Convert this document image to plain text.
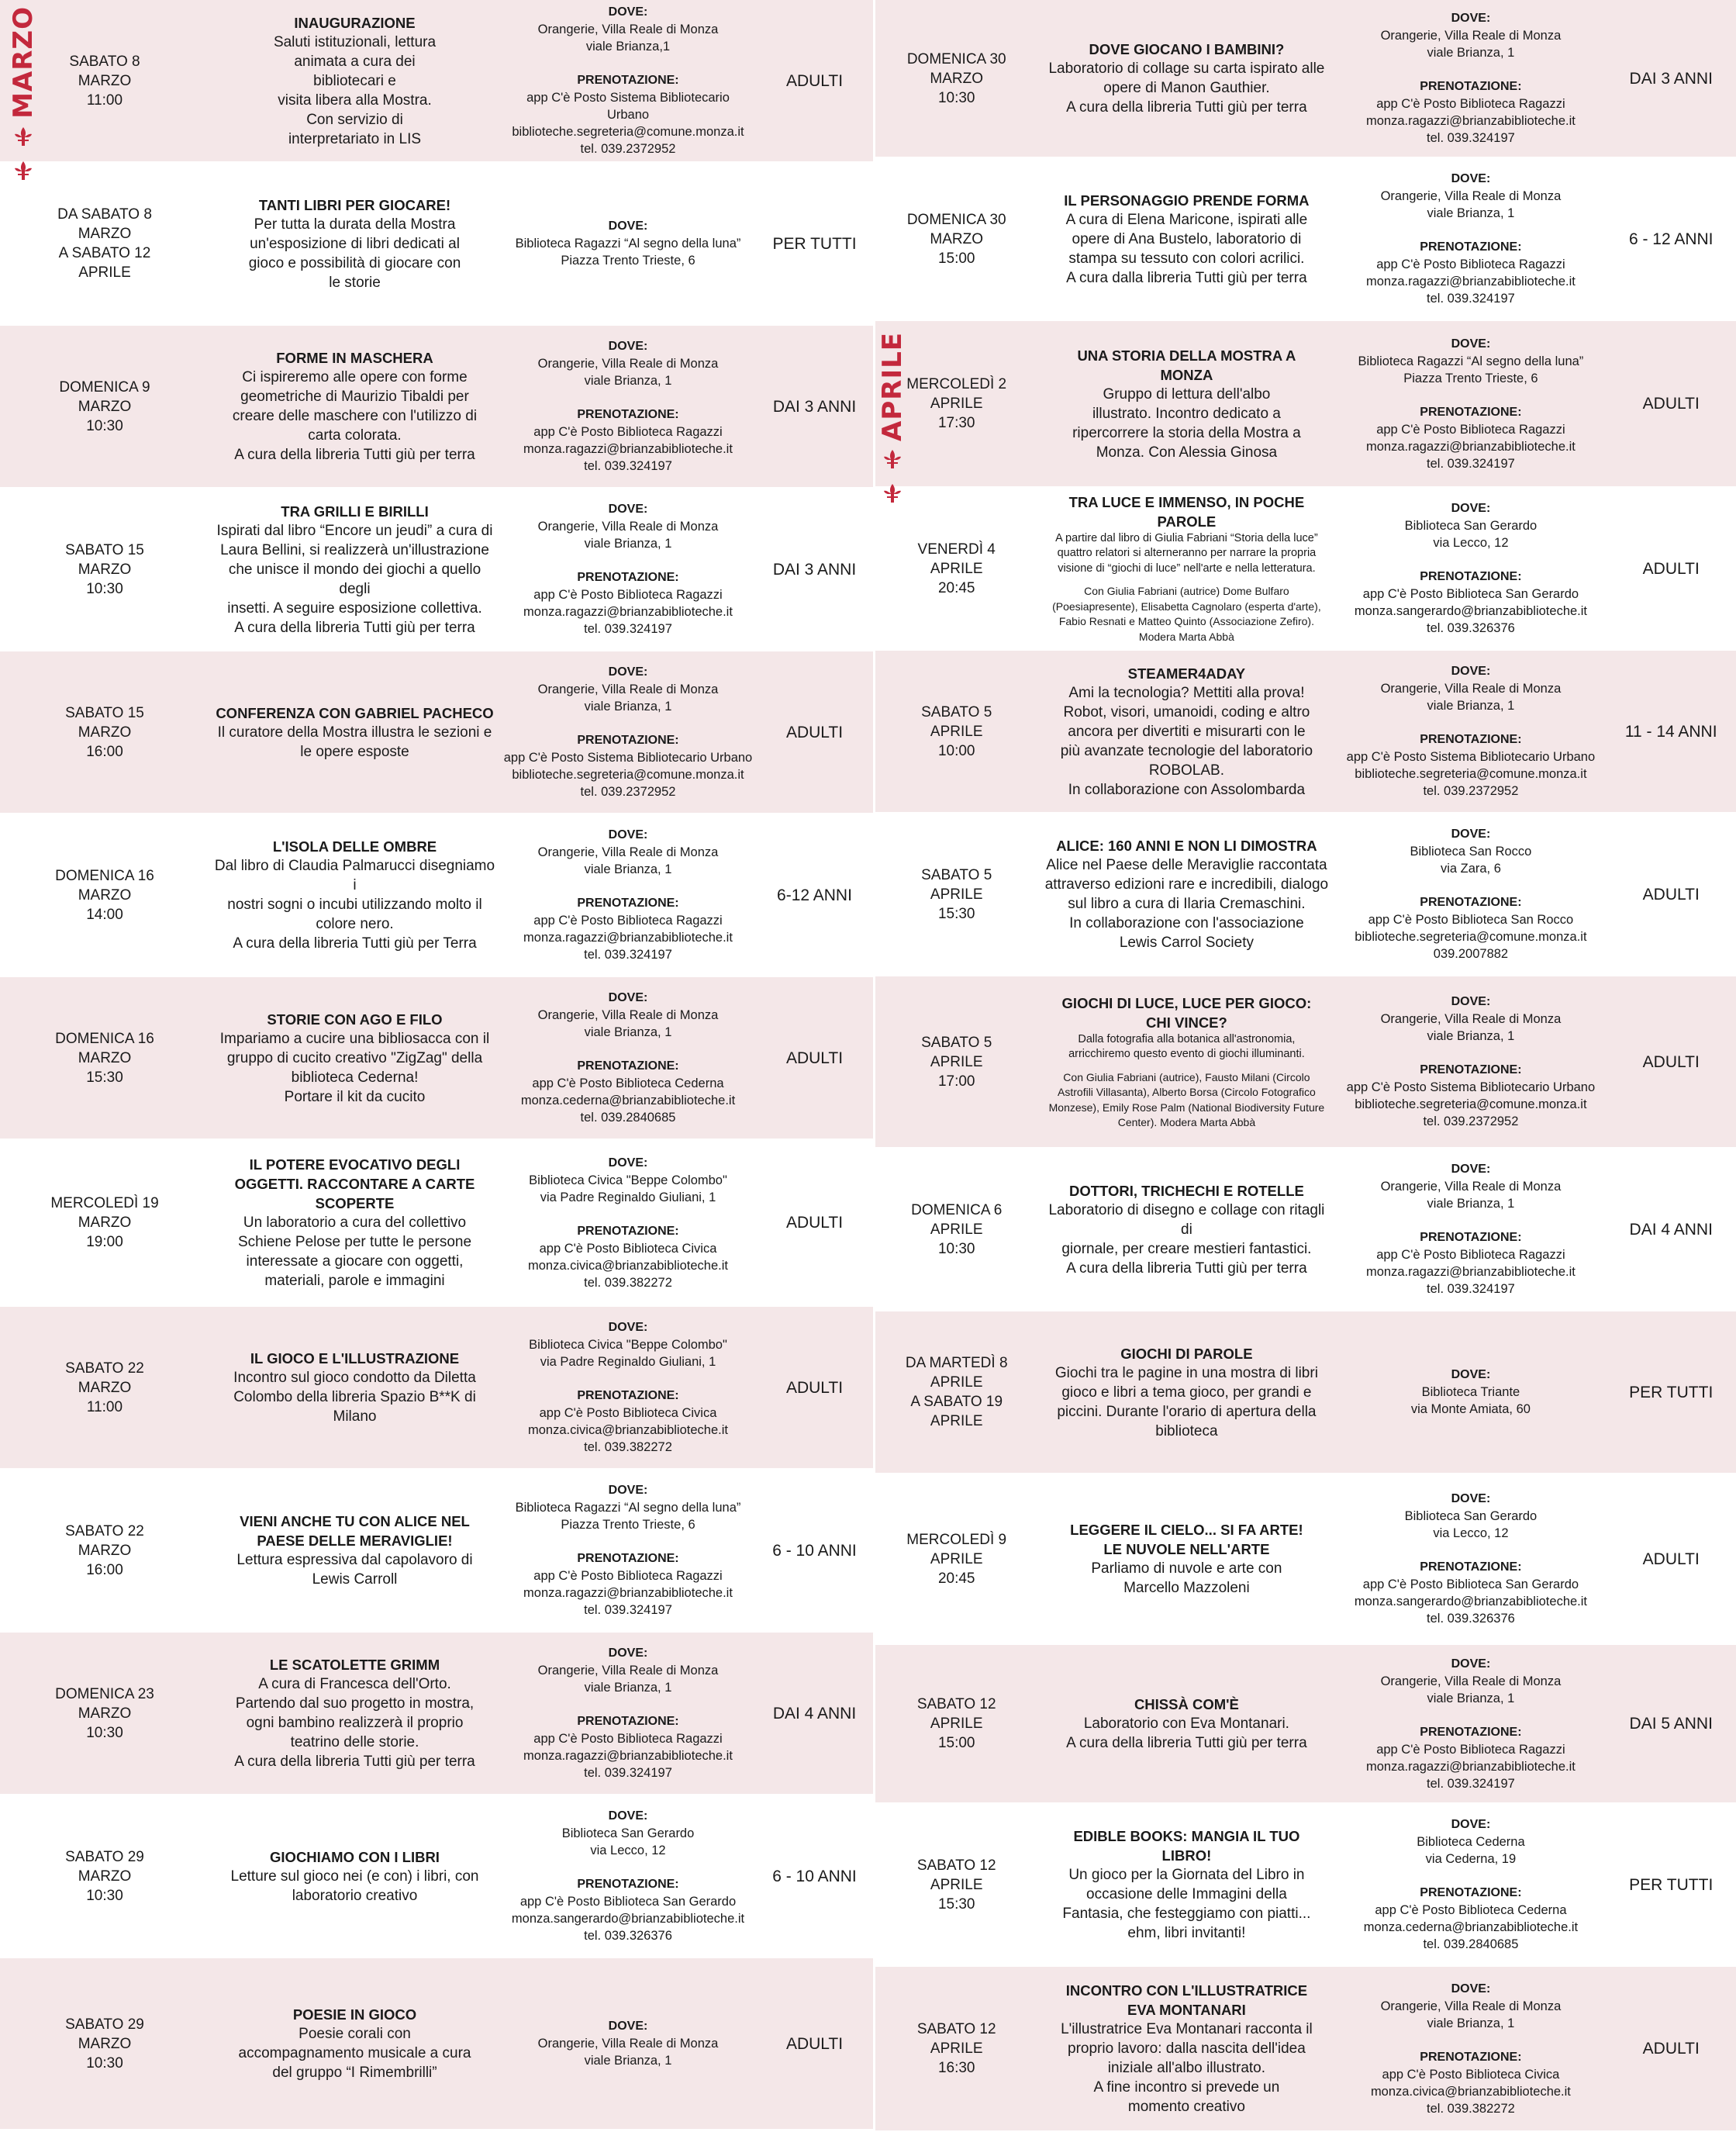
SABATO 8
MARZO
11:00
INAUGURAZIONE
Saluti istituzionali, lettura
animata a cura dei
bibliotecari e
visita libera alla Mostra.
Con servizio di
interpretariato in LIS
DOVE:
Orangerie, Villa Reale di Monza
viale Brianza,1
PRENOTAZIONE:
app C'è Posto Sistema Bibliotecario
Urbano
biblioteche.segreteria@comune.monza.it
tel. 039.2372952
ADULTI
DA SABATO 8
MARZO
A SABATO 12
APRILE
TANTI LIBRI PER GIOCARE!
Per tutta la durata della Mostra
un'esposizione di libri dedicati al
gioco e possibilità di giocare con
le storie
DOVE:
Biblioteca Ragazzi “Al segno della luna”
Piazza Trento Trieste, 6
PER TUTTI
DOMENICA 9
MARZO
10:30
FORME IN MASCHERA
Ci ispireremo alle opere con forme
geometriche di Maurizio Tibaldi per
creare delle maschere con l'utilizzo di
carta colorata.
A cura della libreria Tutti giù per terra
DOVE:
Orangerie, Villa Reale di Monza
viale Brianza, 1
PRENOTAZIONE:
app C'è Posto Biblioteca Ragazzi
monza.ragazzi@brianzabiblioteche.it
tel. 039.324197
DAI 3 ANNI
SABATO 15
MARZO
10:30
TRA GRILLI E BIRILLI
Ispirati dal libro “Encore un jeudi” a cura di
Laura Bellini, si realizzerà un'illustrazione
che unisce il mondo dei giochi a quello degli
insetti. A seguire esposizione collettiva.
A cura della libreria Tutti giù per terra
DOVE:
Orangerie, Villa Reale di Monza
viale Brianza, 1
PRENOTAZIONE:
app C'è Posto Biblioteca Ragazzi
monza.ragazzi@brianzabiblioteche.it
tel. 039.324197
DAI 3 ANNI
SABATO 15
MARZO
16:00
CONFERENZA CON GABRIEL PACHECO
Il curatore della Mostra illustra le sezioni e
le opere esposte
DOVE:
Orangerie, Villa Reale di Monza
viale Brianza, 1
PRENOTAZIONE:
app C'è Posto Sistema Bibliotecario Urbano
biblioteche.segreteria@comune.monza.it
tel. 039.2372952
ADULTI
DOMENICA 16
MARZO
14:00
L'ISOLA DELLE OMBRE
Dal libro di Claudia Palmarucci disegniamo i
nostri sogni o incubi utilizzando molto il
colore nero.
A cura della libreria Tutti giù per Terra
DOVE:
Orangerie, Villa Reale di Monza
viale Brianza, 1
PRENOTAZIONE:
app C'è Posto Biblioteca Ragazzi
monza.ragazzi@brianzabiblioteche.it
tel. 039.324197
6-12 ANNI
DOMENICA 16
MARZO
15:30
STORIE CON AGO E FILO
Impariamo a cucire una bibliosacca con il
gruppo di cucito creativo "ZigZag" della
biblioteca Cederna!
Portare il kit da cucito
DOVE:
Orangerie, Villa Reale di Monza
viale Brianza, 1
PRENOTAZIONE:
app C'è Posto Biblioteca Cederna
monza.cederna@brianzabiblioteche.it
tel. 039.2840685
ADULTI
MERCOLEDÌ 19
MARZO
19:00
IL POTERE EVOCATIVO DEGLI
OGGETTI. RACCONTARE A CARTE
SCOPERTE
Un laboratorio a cura del collettivo
Schiene Pelose per tutte le persone
interessate a giocare con oggetti,
materiali, parole e immagini
DOVE:
Biblioteca Civica "Beppe Colombo"
via Padre Reginaldo Giuliani, 1
PRENOTAZIONE:
app C'è Posto Biblioteca Civica
monza.civica@brianzabiblioteche.it
tel. 039.382272
ADULTI
SABATO 22
MARZO
11:00
IL GIOCO E L'ILLUSTRAZIONE
Incontro sul gioco condotto da Diletta
Colombo della libreria Spazio B**K di
Milano
DOVE:
Biblioteca Civica "Beppe Colombo"
via Padre Reginaldo Giuliani, 1
PRENOTAZIONE:
app C'è Posto Biblioteca Civica
monza.civica@brianzabiblioteche.it
tel. 039.382272
ADULTI
SABATO 22
MARZO
16:00
VIENI ANCHE TU CON ALICE NEL
PAESE DELLE MERAVIGLIE!
Lettura espressiva dal capolavoro di
Lewis Carroll
DOVE:
Biblioteca Ragazzi “Al segno della luna”
Piazza Trento Trieste, 6
PRENOTAZIONE:
app C'è Posto Biblioteca Ragazzi
monza.ragazzi@brianzabiblioteche.it
tel. 039.324197
6 - 10 ANNI
DOMENICA 23
MARZO
10:30
LE SCATOLETTE GRIMM
A cura di Francesca dell'Orto.
Partendo dal suo progetto in mostra,
ogni bambino realizzerà il proprio
teatrino delle storie.
A cura della libreria Tutti giù per terra
DOVE:
Orangerie, Villa Reale di Monza
viale Brianza, 1
PRENOTAZIONE:
app C'è Posto Biblioteca Ragazzi
monza.ragazzi@brianzabiblioteche.it
tel. 039.324197
DAI 4 ANNI
SABATO 29
MARZO
10:30
GIOCHIAMO CON I LIBRI
Letture sul gioco nei (e con) i libri, con
laboratorio creativo
DOVE:
Biblioteca San Gerardo
via Lecco, 12
PRENOTAZIONE:
app C'è Posto Biblioteca San Gerardo
monza.sangerardo@brianzabiblioteche.it
tel. 039.326376
6 - 10 ANNI
SABATO 29
MARZO
10:30
POESIE IN GIOCO
Poesie corali con
accompagnamento musicale a cura
del gruppo “I Rimembrilli”
DOVE:
Orangerie, Villa Reale di Monza
viale Brianza, 1
ADULTI
MARZO	DOMENICA 30
MARZO
10:30
DOVE GIOCANO I BAMBINI?
Laboratorio di collage su carta ispirato alle
opere di Manon Gauthier.
A cura della libreria Tutti giù per terra
DOVE:
Orangerie, Villa Reale di Monza
viale Brianza, 1
PRENOTAZIONE:
app C'è Posto Biblioteca Ragazzi
monza.ragazzi@brianzabiblioteche.it
tel. 039.324197
DAI 3 ANNI
DOMENICA 30
MARZO
15:00
IL PERSONAGGIO PRENDE FORMA
A cura di Elena Maricone, ispirati alle
opere di Ana Bustelo, laboratorio di
stampa su tessuto con colori acrilici.
A cura dalla libreria Tutti giù per terra
DOVE:
Orangerie, Villa Reale di Monza
viale Brianza, 1
PRENOTAZIONE:
app C'è Posto Biblioteca Ragazzi
monza.ragazzi@brianzabiblioteche.it
tel. 039.324197
6 - 12 ANNI
MERCOLEDÌ 2
APRILE
17:30
UNA STORIA DELLA MOSTRA A
MONZA
Gruppo di lettura dell'albo
illustrato. Incontro dedicato a
ripercorrere la storia della Mostra a
Monza. Con Alessia Ginosa
DOVE:
Biblioteca Ragazzi “Al segno della luna”
Piazza Trento Trieste, 6
PRENOTAZIONE:
app C'è Posto Biblioteca Ragazzi
monza.ragazzi@brianzabiblioteche.it
tel. 039.324197
ADULTI
VENERDÌ 4
APRILE
20:45
TRA LUCE E IMMENSO, IN POCHE PAROLE
A partire dal libro di Giulia Fabriani “Storia della luce”
quattro relatori si alterneranno per narrare la propria
visione di “giochi di luce” nell'arte e nella letteratura.
Con Giulia Fabriani (autrice) Dome Bulfaro
(Poesiapresente), Elisabetta Cagnolaro (esperta d'arte),
Fabio Resnati e Matteo Quinto (Associazione Zefiro).
Modera Marta Abbà
DOVE:
Biblioteca San Gerardo
via Lecco, 12
PRENOTAZIONE:
app C'è Posto Biblioteca San Gerardo
monza.sangerardo@brianzabiblioteche.it
tel. 039.326376
ADULTI
SABATO 5
APRILE
10:00
STEAMER4ADAY
Ami la tecnologia? Mettiti alla prova!
Robot, visori, umanoidi, coding e altro
ancora per divertiti e misurarti con le
più avanzate tecnologie del laboratorio
ROBOLAB.
In collaborazione con Assolombarda
DOVE:
Orangerie, Villa Reale di Monza
viale Brianza, 1
PRENOTAZIONE:
app C'è Posto Sistema Bibliotecario Urbano
biblioteche.segreteria@comune.monza.it
tel. 039.2372952
11 - 14 ANNI
SABATO 5
APRILE
15:30
ALICE: 160 ANNI E NON LI DIMOSTRA
Alice nel Paese delle Meraviglie raccontata
attraverso edizioni rare e incredibili, dialogo
sul libro a cura di Ilaria Cremaschini.
In collaborazione con l'associazione
Lewis Carrol Society
DOVE:
Biblioteca San Rocco
via Zara, 6
PRENOTAZIONE:
app C'è Posto Biblioteca San Rocco
biblioteche.segreteria@comune.monza.it
039.2007882
ADULTI
SABATO 5
APRILE
17:00
GIOCHI DI LUCE, LUCE PER GIOCO:
CHI VINCE?
Dalla fotografia alla botanica all'astronomia,
arricchiremo questo evento di giochi illuminanti.
Con Giulia Fabriani (autrice), Fausto Milani (Circolo
Astrofili Villasanta), Alberto Borsa (Circolo Fotografico
Monzese), Emily Rose Palm (National Biodiversity Future
Center). Modera Marta Abbà
DOVE:
Orangerie, Villa Reale di Monza
viale Brianza, 1
PRENOTAZIONE:
app C'è Posto Sistema Bibliotecario Urbano
biblioteche.segreteria@comune.monza.it
tel. 039.2372952
ADULTI
DOMENICA 6
APRILE
10:30
DOTTORI, TRICHECHI E ROTELLE
Laboratorio di disegno e collage con ritagli di
giornale, per creare mestieri fantastici.
A cura della libreria Tutti giù per terra
DOVE:
Orangerie, Villa Reale di Monza
viale Brianza, 1
PRENOTAZIONE:
app C'è Posto Biblioteca Ragazzi
monza.ragazzi@brianzabiblioteche.it
tel. 039.324197
DAI 4 ANNI
DA MARTEDÌ 8
APRILE
A SABATO 19
APRILE
GIOCHI DI PAROLE
Giochi tra le pagine in una mostra di libri
gioco e libri a tema gioco, per grandi e
piccini. Durante l'orario di apertura della
biblioteca
DOVE:
Biblioteca Triante
via Monte Amiata, 60
PER TUTTI
MERCOLEDÌ 9
APRILE
20:45
LEGGERE IL CIELO... SI FA ARTE!
LE NUVOLE NELL'ARTE
Parliamo di nuvole e arte con
Marcello Mazzoleni
DOVE:
Biblioteca San Gerardo
via Lecco, 12
PRENOTAZIONE:
app C'è Posto Biblioteca San Gerardo
monza.sangerardo@brianzabiblioteche.it
tel. 039.326376
ADULTI
SABATO 12
APRILE
15:00
CHISSÀ COM'È
Laboratorio con Eva Montanari.
A cura della libreria Tutti giù per terra
DOVE:
Orangerie, Villa Reale di Monza
viale Brianza, 1
PRENOTAZIONE:
app C'è Posto Biblioteca Ragazzi
monza.ragazzi@brianzabiblioteche.it
tel. 039.324197
DAI 5 ANNI
SABATO 12
APRILE
15:30
EDIBLE BOOKS: MANGIA IL TUO
LIBRO!
Un gioco per la Giornata del Libro in
occasione delle Immagini della
Fantasia, che festeggiamo con piatti...
ehm, libri invitanti!
DOVE:
Biblioteca Cederna
via Cederna, 19
PRENOTAZIONE:
app C'è Posto Biblioteca Cederna
monza.cederna@brianzabiblioteche.it
tel. 039.2840685
PER TUTTI
SABATO 12
APRILE
16:30
INCONTRO CON L'ILLUSTRATRICE
EVA MONTANARI
L'illustratrice Eva Montanari racconta il
proprio lavoro: dalla nascita dell'idea
iniziale all'albo illustrato.
A fine incontro si prevede un
momento creativo
DOVE:
Orangerie, Villa Reale di Monza
viale Brianza, 1
PRENOTAZIONE:
app C'è Posto Biblioteca Civica
monza.civica@brianzabiblioteche.it
tel. 039.382272
ADULTI
APRILE
